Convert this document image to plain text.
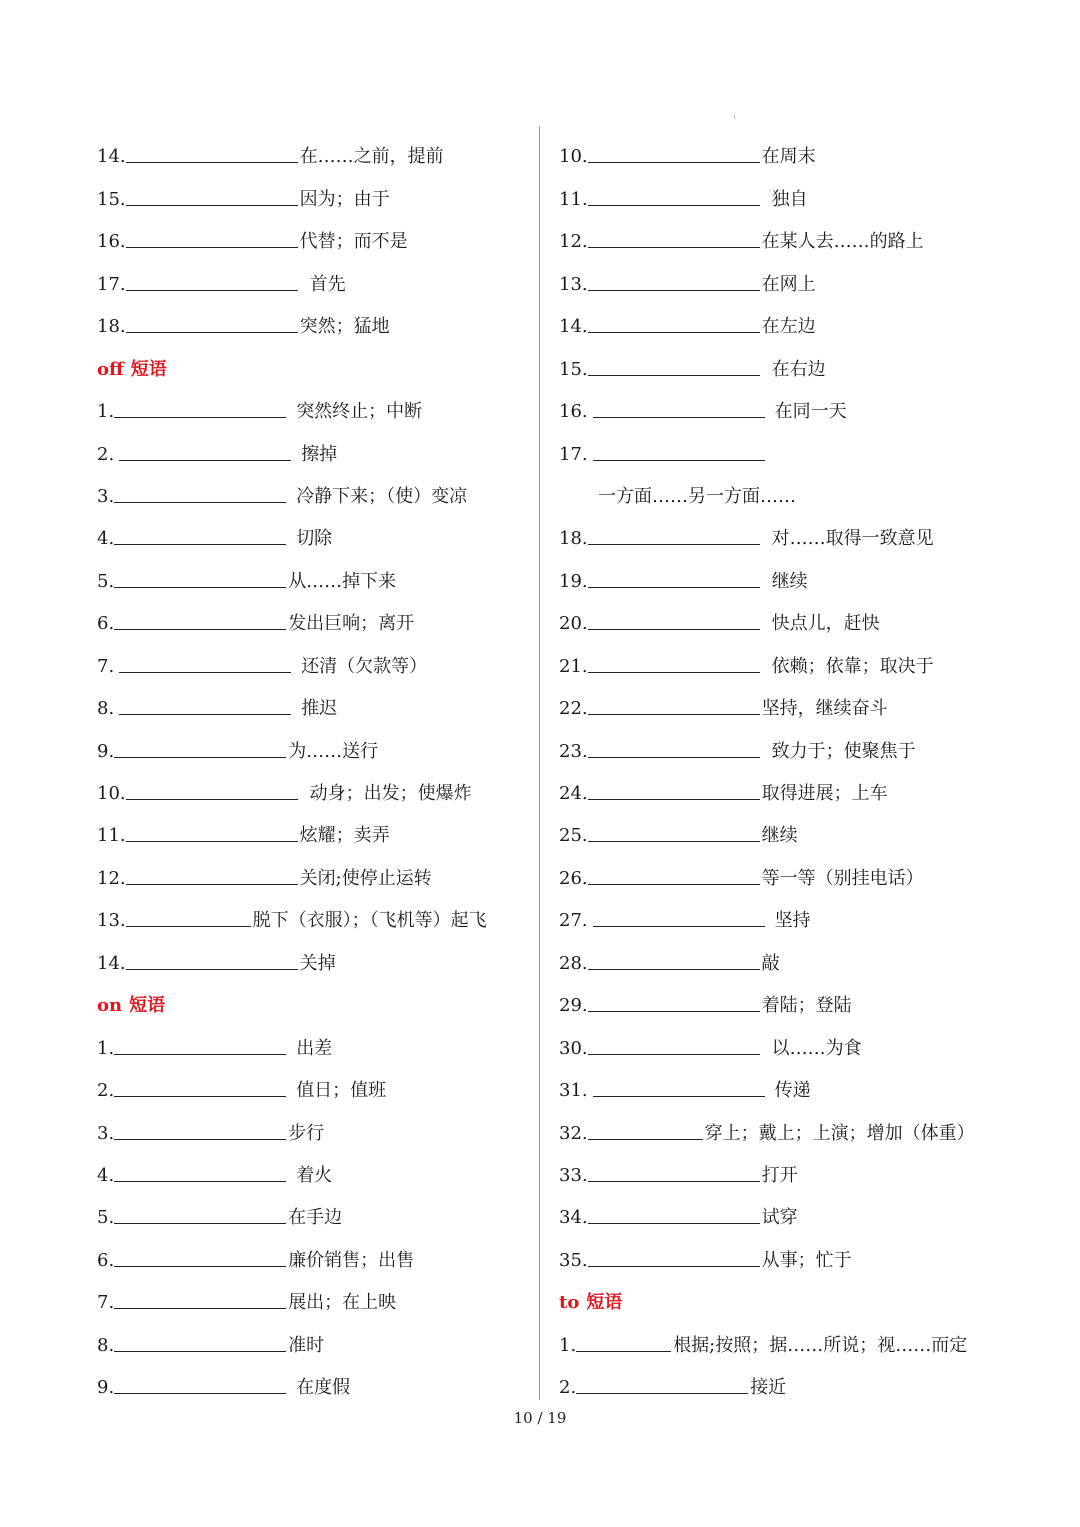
14.	在……之前，提前
15.	因为；由于
16.	代替；而不是
17.	首先
18.	突然；猛地
off 短语
1.	突然终止；中断
2.	擦掉
3.	冷静下来；（使）变凉
4.	切除
5.	从……掉下来
6.	发出巨响；离开
7.	还清（欠款等）
8.	推迟
9.	为……送行
10.	动身；出发；使爆炸
11.	炫耀；卖弄
12.	关闭;使停止运转
13.	脱下（衣服）；（飞机等）起飞
14.	关掉
on 短语
1.	出差
2.	值日；值班
3.	步行
4.	着火
5.	在手边
6.	廉价销售；出售
7.	展出；在上映
8.	准时
9.	在度假
10.	在周末
11.	独自
12.	在某人去……的路上
13.	在网上
14.	在左边
15.	在右边
16.	在同一天
17.
一方面……另一方面……
18.	对……取得一致意见
19.	继续
20.	快点儿，赶快
21.	依赖；依靠；取决于
22.	坚持，继续奋斗
23.	致力于；使聚焦于
24.	取得进展；上车
25.	继续
26.	等一等（别挂电话）
27.	坚持
28.	敲
29.	着陆；登陆
30.	以……为食
31.	传递
32.	穿上；戴上；上演；增加（体重）
33.	打开
34.	试穿
35.	从事；忙于
to 短语
1.	根据;按照；据……所说；视……而定
2.	接近
10 / 19
